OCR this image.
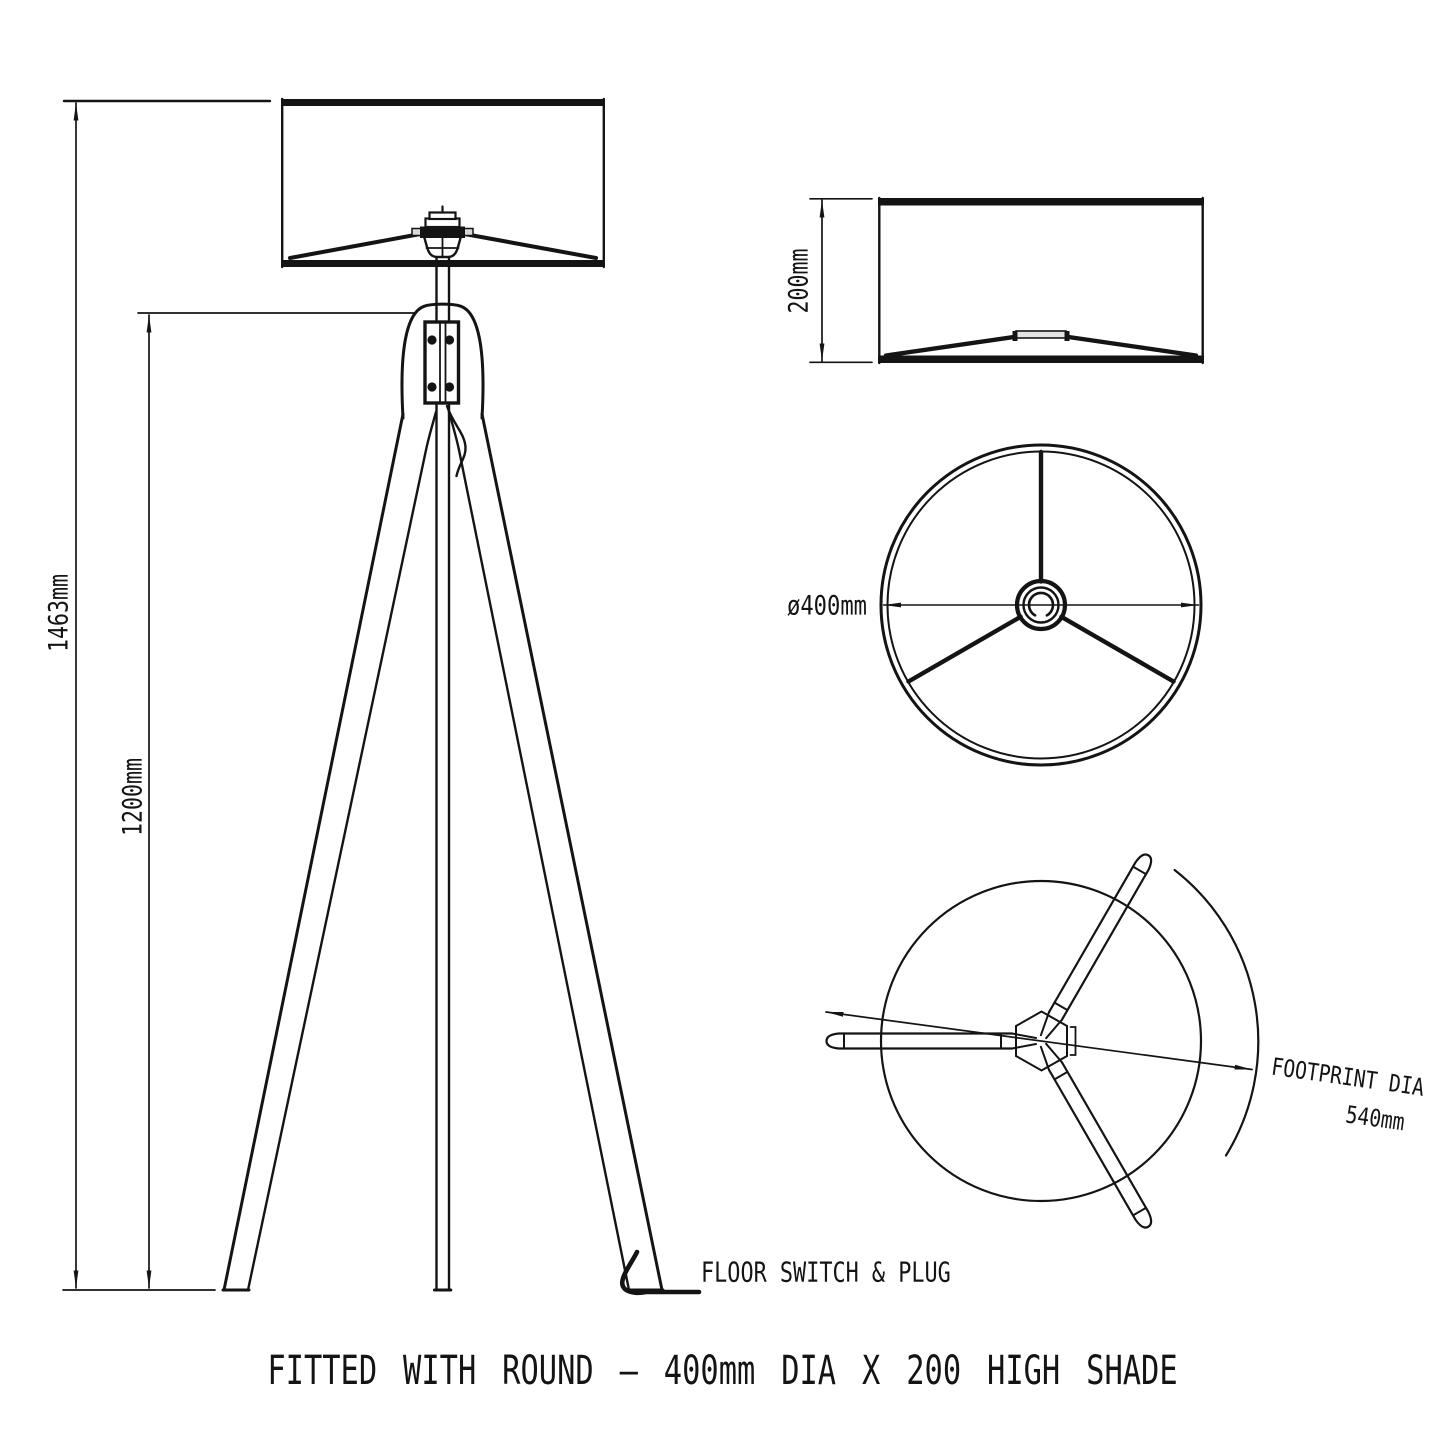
1463mm
1200mm
200mm
ø400mm
FOOTPRINT DIA
540mm
FLOOR SWITCH & PLUG
FITTED WITH ROUND – 400mm DIA X 200 HIGH SHADE
